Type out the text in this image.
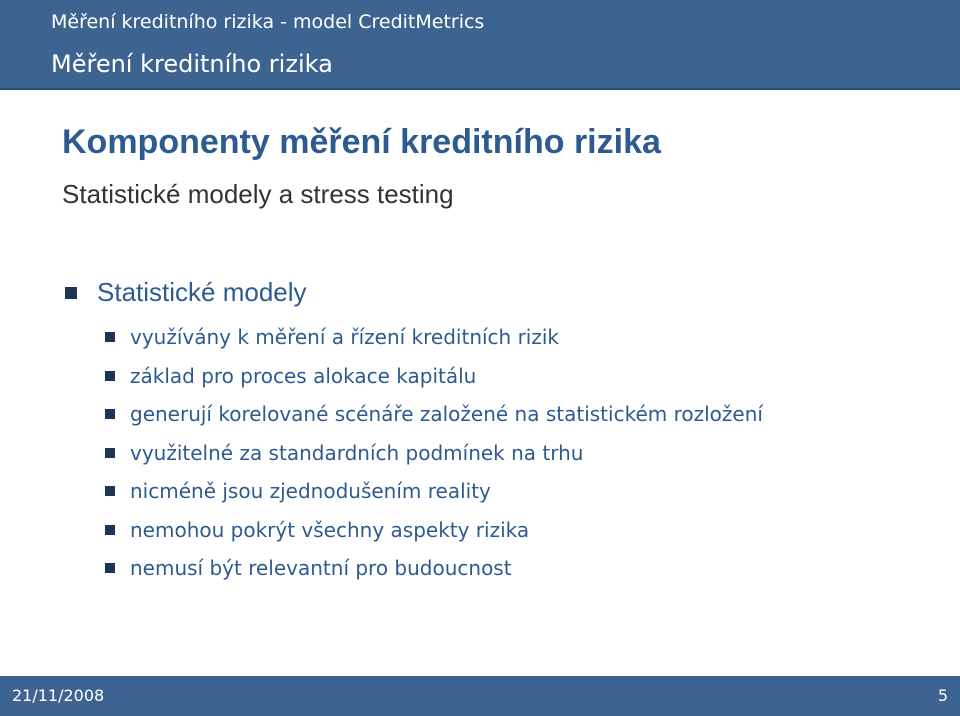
Měření kreditního rizika - model CreditMetrics
Měření kreditního rizika
Komponenty měření kreditního rizika
Statistické modely a stress testing
Statistické modely
využívány k měření a řízení kreditních rizik
základ pro proces alokace kapitálu
generují korelované scénáře založené na statistickém rozložení
využitelné za standardních podmínek na trhu
nicméně jsou zjednodušením reality
nemohou pokrýt všechny aspekty rizika
nemusí být relevantní pro budoucnost
21/11/2008	5
